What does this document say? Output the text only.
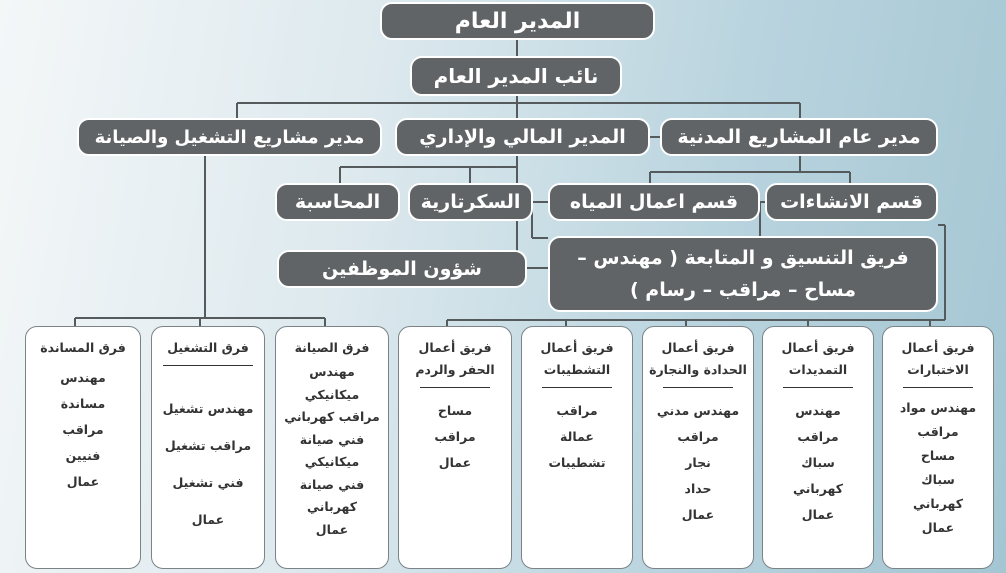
المدير العام
نائب المدير العام
مدير عام المشاريع المدنية
المدير المالي والإداري
مدير مشاريع التشغيل والصيانة
قسم الانشاءات
قسم اعمال المياه
السكرتارية
المحاسبة
فريق التنسيق و المتابعة ( مهندس – مساح – مراقب – رسام )
شؤون الموظفين
فريق أعمال الاختبارات
مهندس مواد
مراقب
مساح
سباك
كهرباني
عمال
فريق أعمال التمديدات
مهندس
مراقب
سباك
كهرباني
عمال
فريق أعمال الحدادة والنجارة
مهندس مدني
مراقب
نجار
حداد
عمال
فريق أعمال التشطيبات
مراقب
عمالة
تشطيبات
فريق أعمال الحفر والردم
مساح
مراقب
عمال
فرق الصيانة
مهندس
ميكانيكي
مراقب كهرباني
فني صيانة
ميكانيكي
فني صيانة
كهرباني
عمال
فرق التشغيل
مهندس تشغيل
مراقب تشغيل
فني تشغيل
عمال
فرق المساندة
مهندس
مساندة
مراقب
فنيين
عمال
